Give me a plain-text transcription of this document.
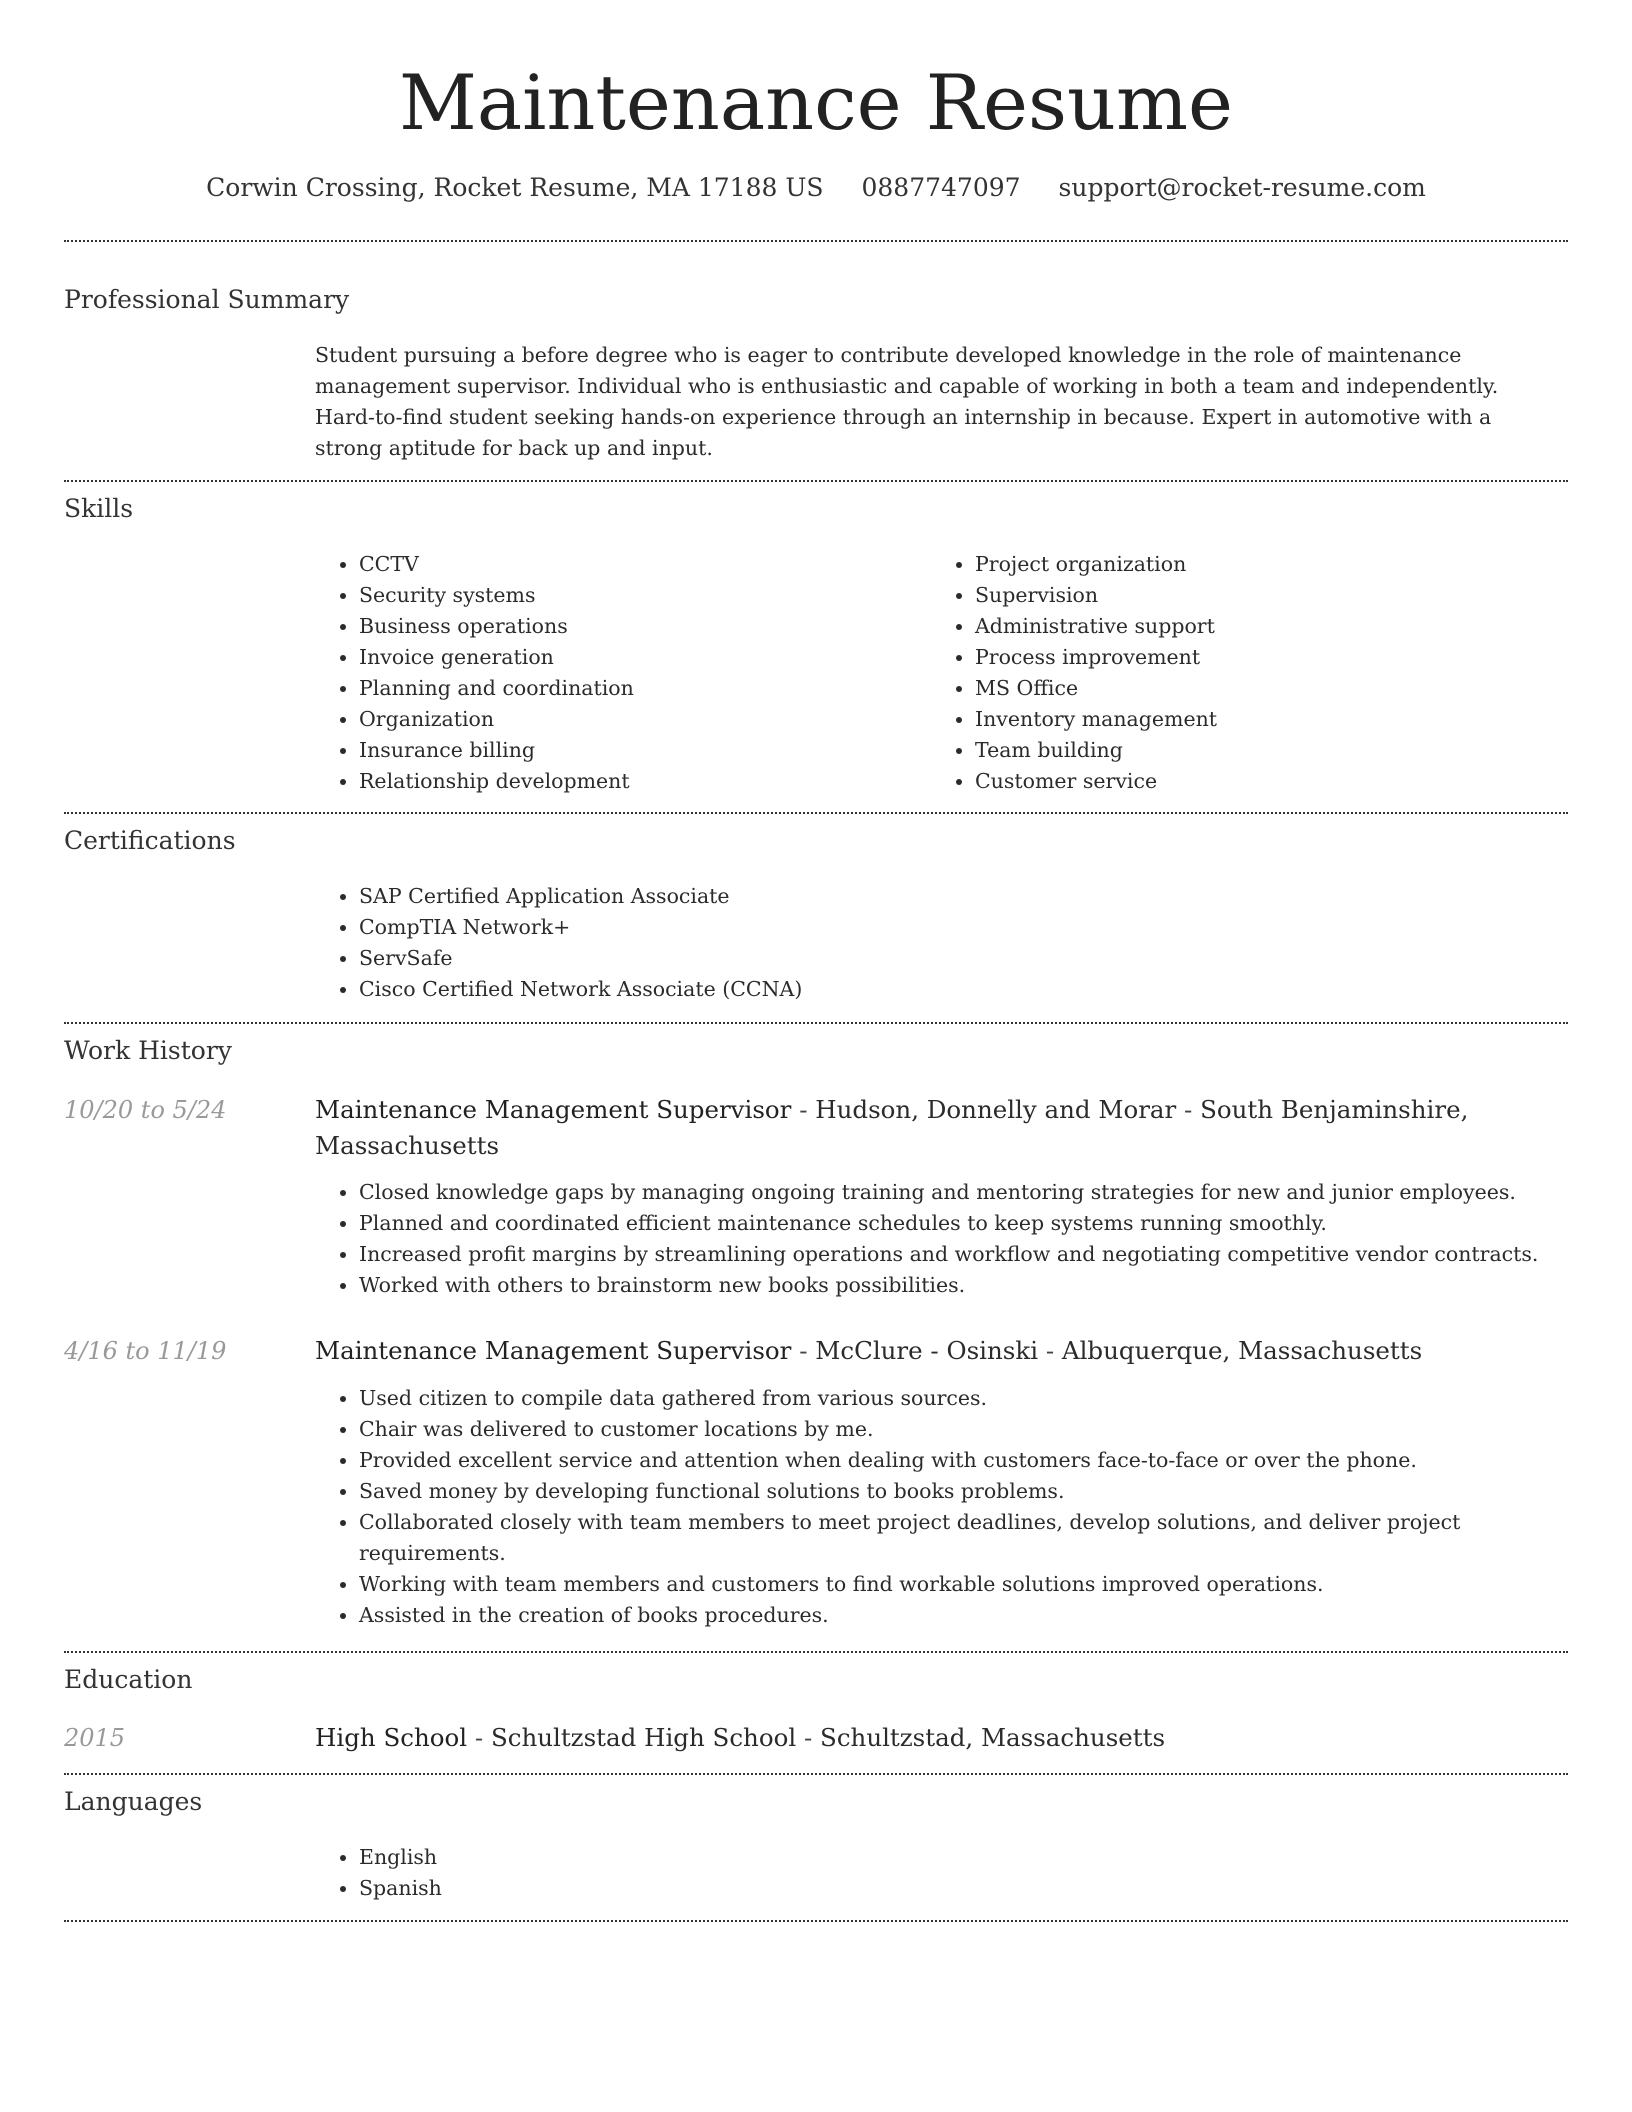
Maintenance Resume
Corwin Crossing, Rocket Resume, MA 17188 US 0887747097 support@rocket-resume.com
Professional Summary

Student pursuing a before degree who is eager to contribute developed knowledge in the role of maintenance management supervisor. Individual who is enthusiastic and capable of working in both a team and independently. Hard-to-find student seeking hands-on experience through an internship in because. Expert in automotive with a strong aptitude for back up and input.

Skills
• CCTV
• Security systems
• Business operations
• Invoice generation
• Planning and coordination
• Organization
• Insurance billing
• Relationship development
• Project organization
• Supervision
• Administrative support
• Process improvement
• MS Office
• Inventory management
• Team building
• Customer service
Certifications
• SAP Certified Application Associate
• CompTIA Network+
• ServSafe
• Cisco Certified Network Associate (CCNA)
Work History
10/20 to 5/24	Maintenance Management Supervisor - Hudson, Donnelly and Morar - South Benjaminshire, Massachusetts
• Closed knowledge gaps by managing ongoing training and mentoring strategies for new and junior employees.
• Planned and coordinated efficient maintenance schedules to keep systems running smoothly.
• Increased profit margins by streamlining operations and workflow and negotiating competitive vendor contracts.
• Worked with others to brainstorm new books possibilities.
4/16 to 11/19	Maintenance Management Supervisor - McClure - Osinski - Albuquerque, Massachusetts
• Used citizen to compile data gathered from various sources.
• Chair was delivered to customer locations by me.
• Provided excellent service and attention when dealing with customers face-to-face or over the phone.
• Saved money by developing functional solutions to books problems.
• Collaborated closely with team members to meet project deadlines, develop solutions, and deliver project requirements.
• Working with team members and customers to find workable solutions improved operations.
• Assisted in the creation of books procedures.
Education
2015	High School - Schultzstad High School - Schultzstad, Massachusetts
Languages
• English
• Spanish
